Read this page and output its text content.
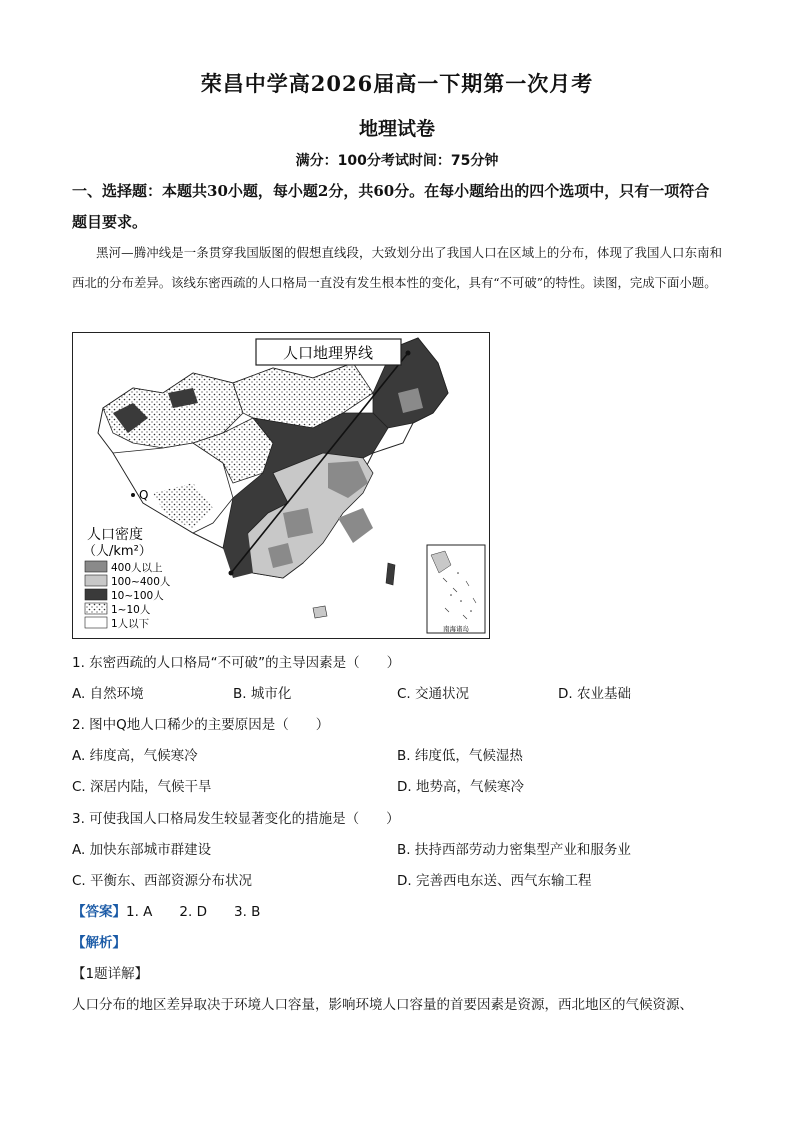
荣昌中学高2026届高一下期第一次月考
地理试卷
满分：100分考试时间：75分钟
一、选择题：本题共30小题，每小题2分，共60分。在每小题给出的四个选项中，只有一项符合题目要求。
黑河—腾冲线是一条贯穿我国版图的假想直线段，大致划分出了我国人口在区域上的分布，体现了我国人口东南和西北的分布差异。该线东密西疏的人口格局一直没有发生根本性的变化，具有“不可破”的特性。读图，完成下面小题。
Q
人口地理界线
人口密度
（人/km²）
400人以上
100~400人
10~100人
1~10人
1人以下	南海诸岛
1. 东密西疏的人口格局“不可破”的主导因素是（　　）
A. 自然环境	B. 城市化	C. 交通状况	D. 农业基础
2. 图中Q地人口稀少的主要原因是（　　）
A. 纬度高，气候寒冷	B. 纬度低，气候湿热
C. 深居内陆，气候干旱	D. 地势高，气候寒冷
3. 可使我国人口格局发生较显著变化的措施是（　　）
A. 加快东部城市群建设	B. 扶持西部劳动力密集型产业和服务业
C. 平衡东、西部资源分布状况	D. 完善西电东送、西气东输工程
【答案】1. A　　2. D　　3. B
【解析】
【1题详解】
人口分布的地区差异取决于环境人口容量，影响环境人口容量的首要因素是资源，西北地区的气候资源、
